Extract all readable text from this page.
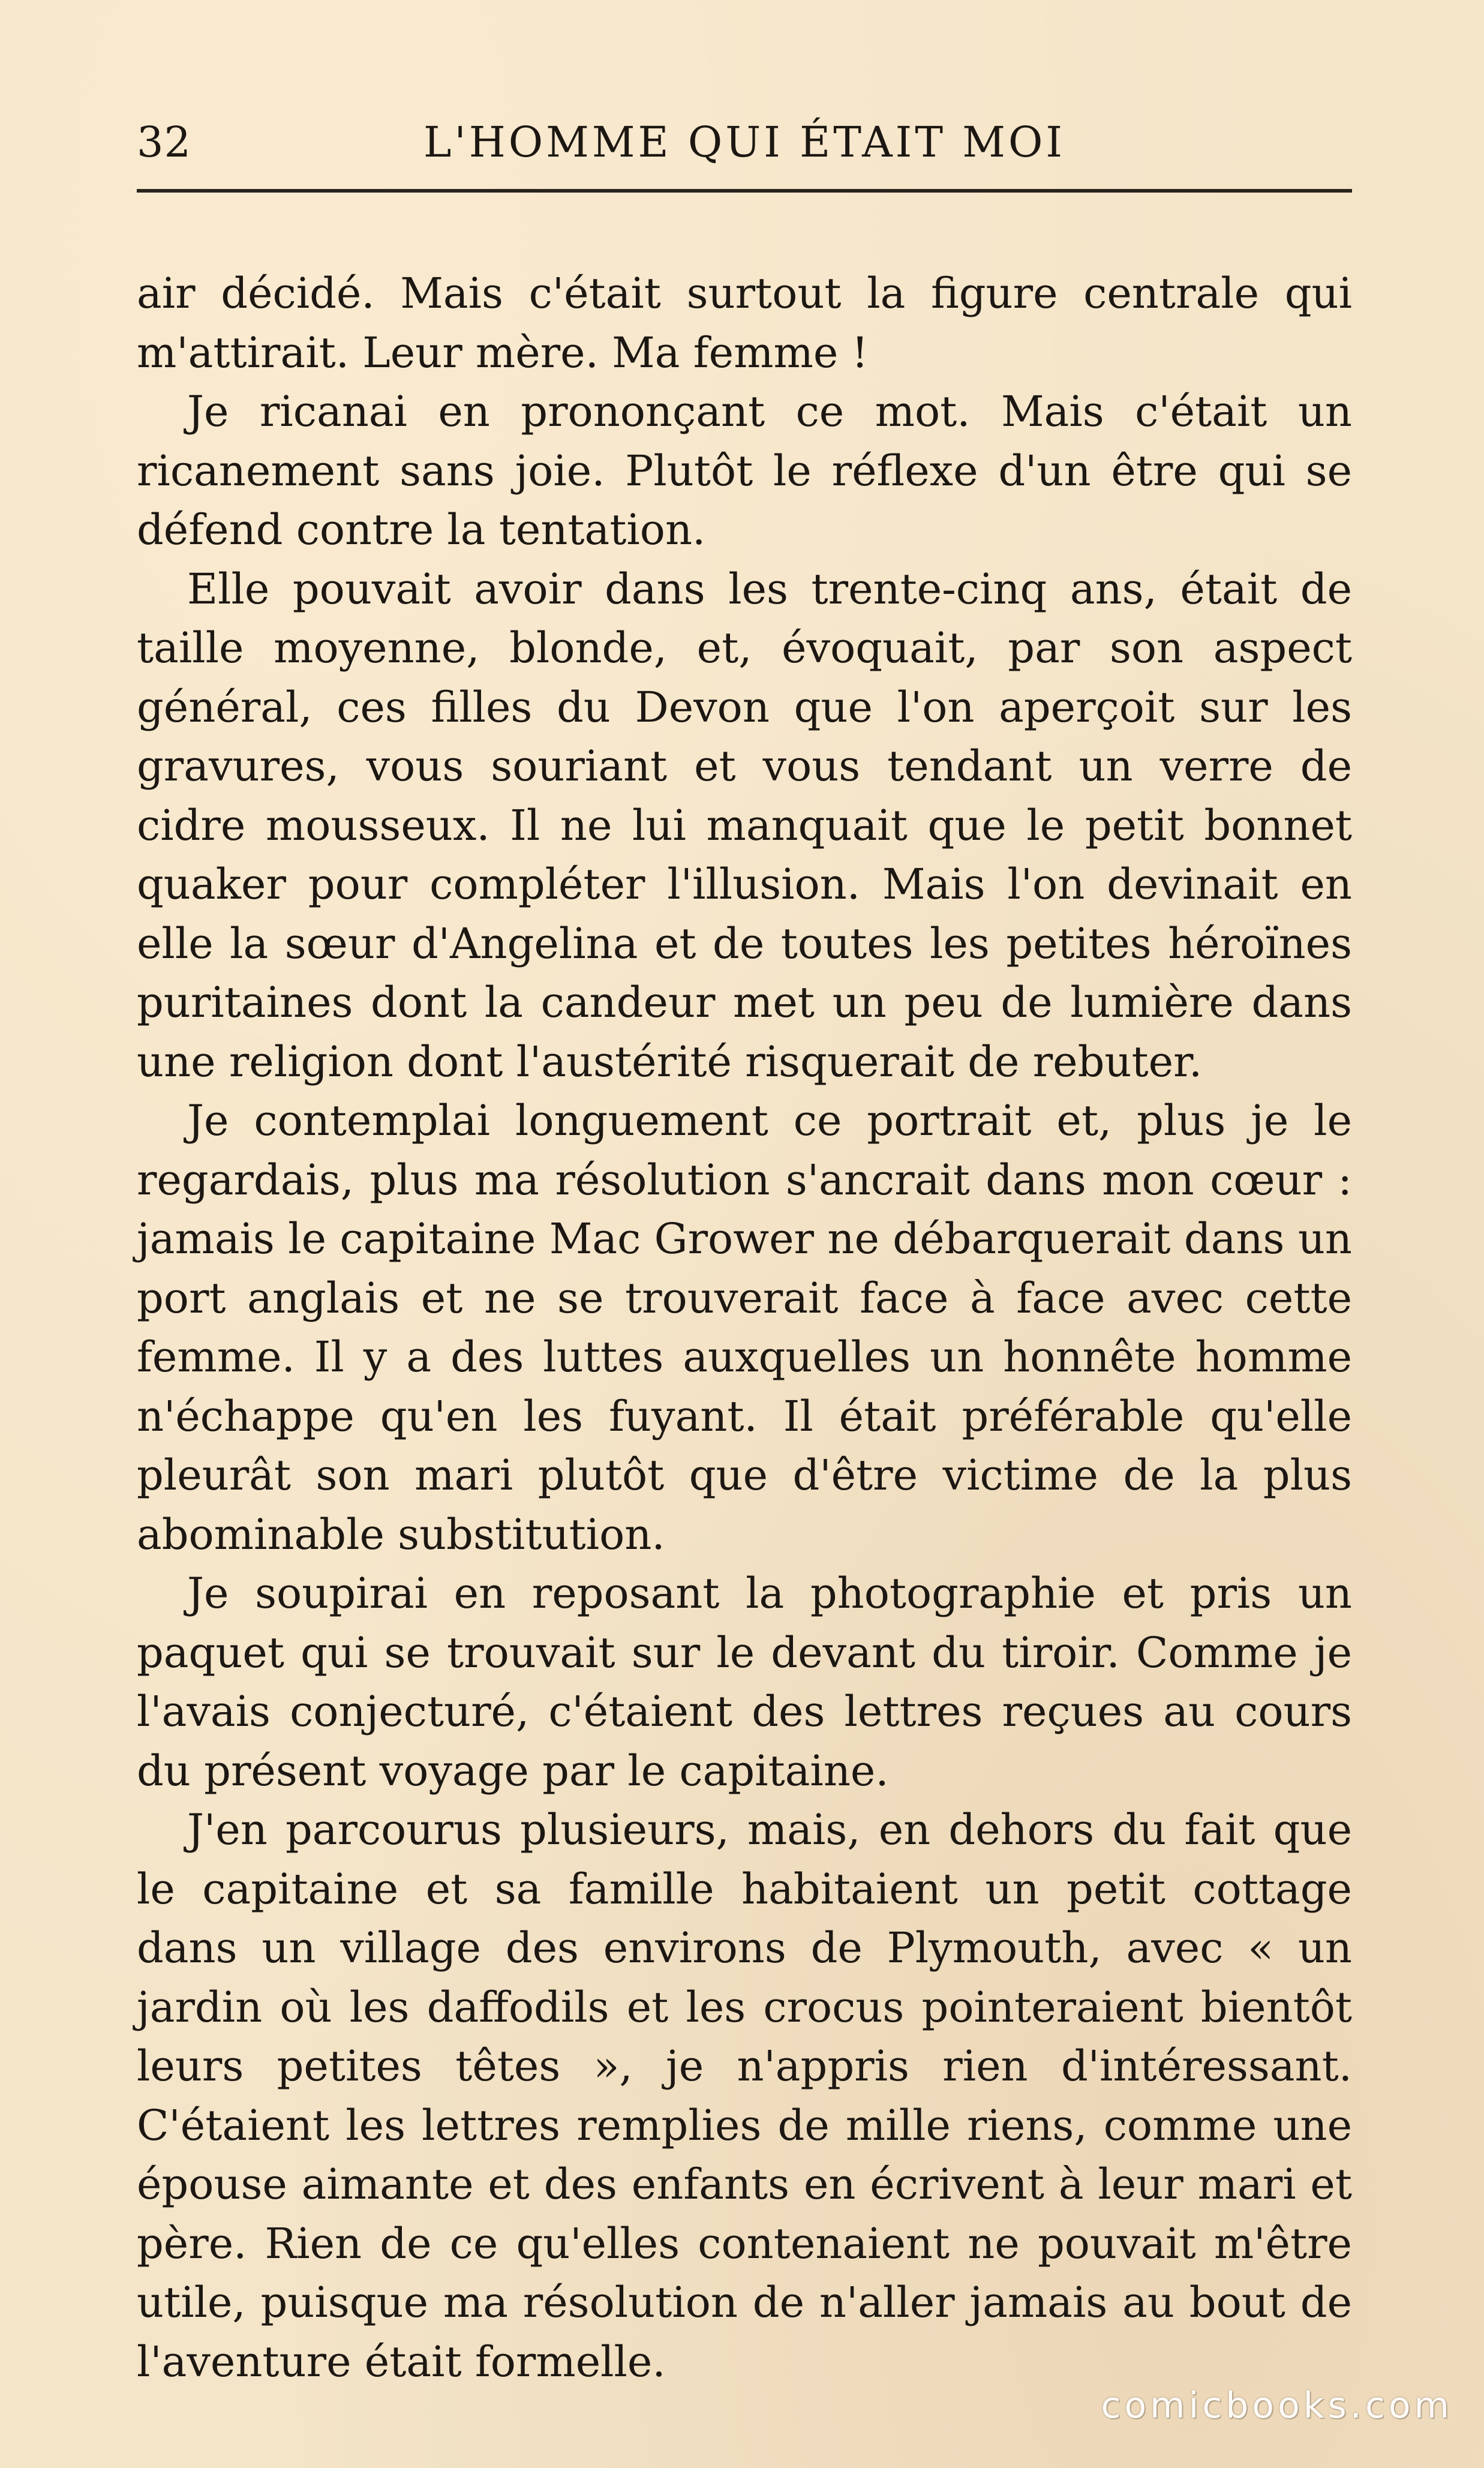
32	L'HOMME QUI ÉTAIT MOI

air décidé. Mais c'était surtout la figure centrale qui m'attirait. Leur mère. Ma femme !

Je ricanai en prononçant ce mot. Mais c'était un ricanement sans joie. Plutôt le réflexe d'un être qui se défend contre la tentation.

Elle pouvait avoir dans les trente-cinq ans, était de taille moyenne, blonde, et, évoquait, par son aspect général, ces filles du Devon que l'on aperçoit sur les gravures, vous souriant et vous tendant un verre de cidre mousseux. Il ne lui manquait que le petit bonnet quaker pour compléter l'illusion. Mais l'on devinait en elle la sœur d'Angelina et de toutes les petites héroïnes puritaines dont la candeur met un peu de lumière dans une religion dont l'austérité risquerait de rebuter.

Je contemplai longuement ce portrait et, plus je le regardais, plus ma résolution s'ancrait dans mon cœur : jamais le capitaine Mac Grower ne débarquerait dans un port anglais et ne se trouverait face à face avec cette femme. Il y a des luttes auxquelles un honnête homme n'échappe qu'en les fuyant. Il était préférable qu'elle pleurât son mari plutôt que d'être victime de la plus abominable substitution.

Je soupirai en reposant la photographie et pris un paquet qui se trouvait sur le devant du tiroir. Comme je l'avais conjecturé, c'étaient des lettres reçues au cours du présent voyage par le capitaine.

J'en parcourus plusieurs, mais, en dehors du fait que le capitaine et sa famille habitaient un petit cottage dans un village des environs de Plymouth, avec « un jardin où les daffodils et les crocus pointeraient bientôt leurs petites têtes », je n'appris rien d'intéressant. C'étaient les lettres remplies de mille riens, comme une épouse aimante et des enfants en écrivent à leur mari et père. Rien de ce qu'elles contenaient ne pouvait m'être utile, puisque ma résolution de n'aller jamais au bout de l'aventure était formelle.

comicbooks.com
